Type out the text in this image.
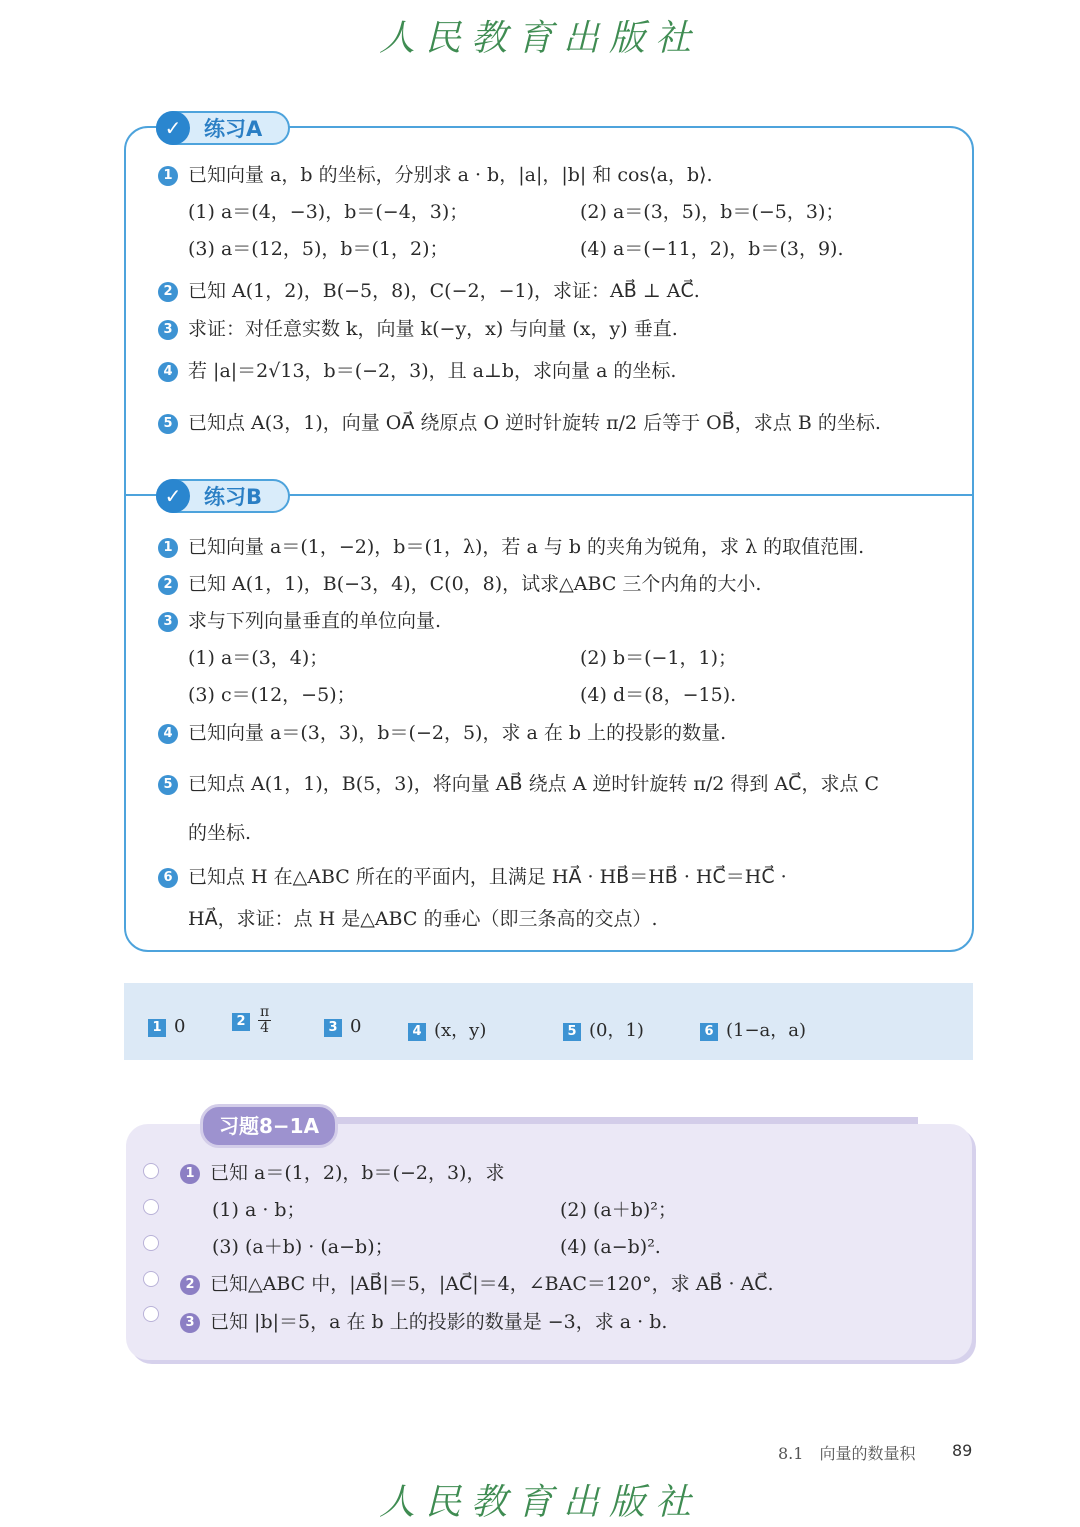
人民教育出版社
✓	练习A
1 已知向量 a，b 的坐标，分别求 a · b，|a|，|b| 和 cos⟨a，b⟩.
(1) a＝(4，−3)，b＝(−4，3)；	(2) a＝(3，5)，b＝(−5，3)；
(3) a＝(12，5)，b＝(1，2)；	(4) a＝(−11，2)，b＝(3，9).
2 已知 A(1，2)，B(−5，8)，C(−2，−1)，求证：AB⃗ ⊥ AC⃗.
3 求证：对任意实数 k，向量 k(−y，x) 与向量 (x，y) 垂直.
4 若 |a|＝2√13，b＝(−2，3)，且 a⊥b，求向量 a 的坐标.
5 已知点 A(3，1)，向量 OA⃗ 绕原点 O 逆时针旋转 π/2 后等于 OB⃗，求点 B 的坐标.
✓	练习B
1 已知向量 a＝(1，−2)，b＝(1，λ)，若 a 与 b 的夹角为锐角，求 λ 的取值范围.
2 已知 A(1，1)，B(−3，4)，C(0，8)，试求△ABC 三个内角的大小.
3 求与下列向量垂直的单位向量.
(1) a＝(3，4)；	(2) b＝(−1，1)；
(3) c＝(12，−5)；	(4) d＝(8，−15).
4 已知向量 a＝(3，3)，b＝(−2，5)，求 a 在 b 上的投影的数量.
5 已知点 A(1，1)，B(5，3)，将向量 AB⃗ 绕点 A 逆时针旋转 π/2 得到 AC⃗，求点 C
的坐标.
6 已知点 H 在△ABC 所在的平面内，且满足 HA⃗ · HB⃗＝HB⃗ · HC⃗＝HC⃗ ·
HA⃗，求证：点 H 是△ABC 的垂心（即三条高的交点）.
1 0	$2 \frac{\pi}{4}$	3 0	4 (x，y)	5 (0，1)	6 (1−a，a)
习题8−1A
1 已知 a＝(1，2)，b＝(−2，3)，求
(1) a · b；	(2) (a＋b)²；
(3) (a＋b) · (a−b)；	(4) (a−b)².
2 已知△ABC 中，|AB⃗|＝5，|AC⃗|＝4，∠BAC＝120°，求 AB⃗ · AC⃗.
3 已知 |b|＝5，a 在 b 上的投影的数量是 −3，求 a · b.
8.1　向量的数量积 89
人民教育出版社
